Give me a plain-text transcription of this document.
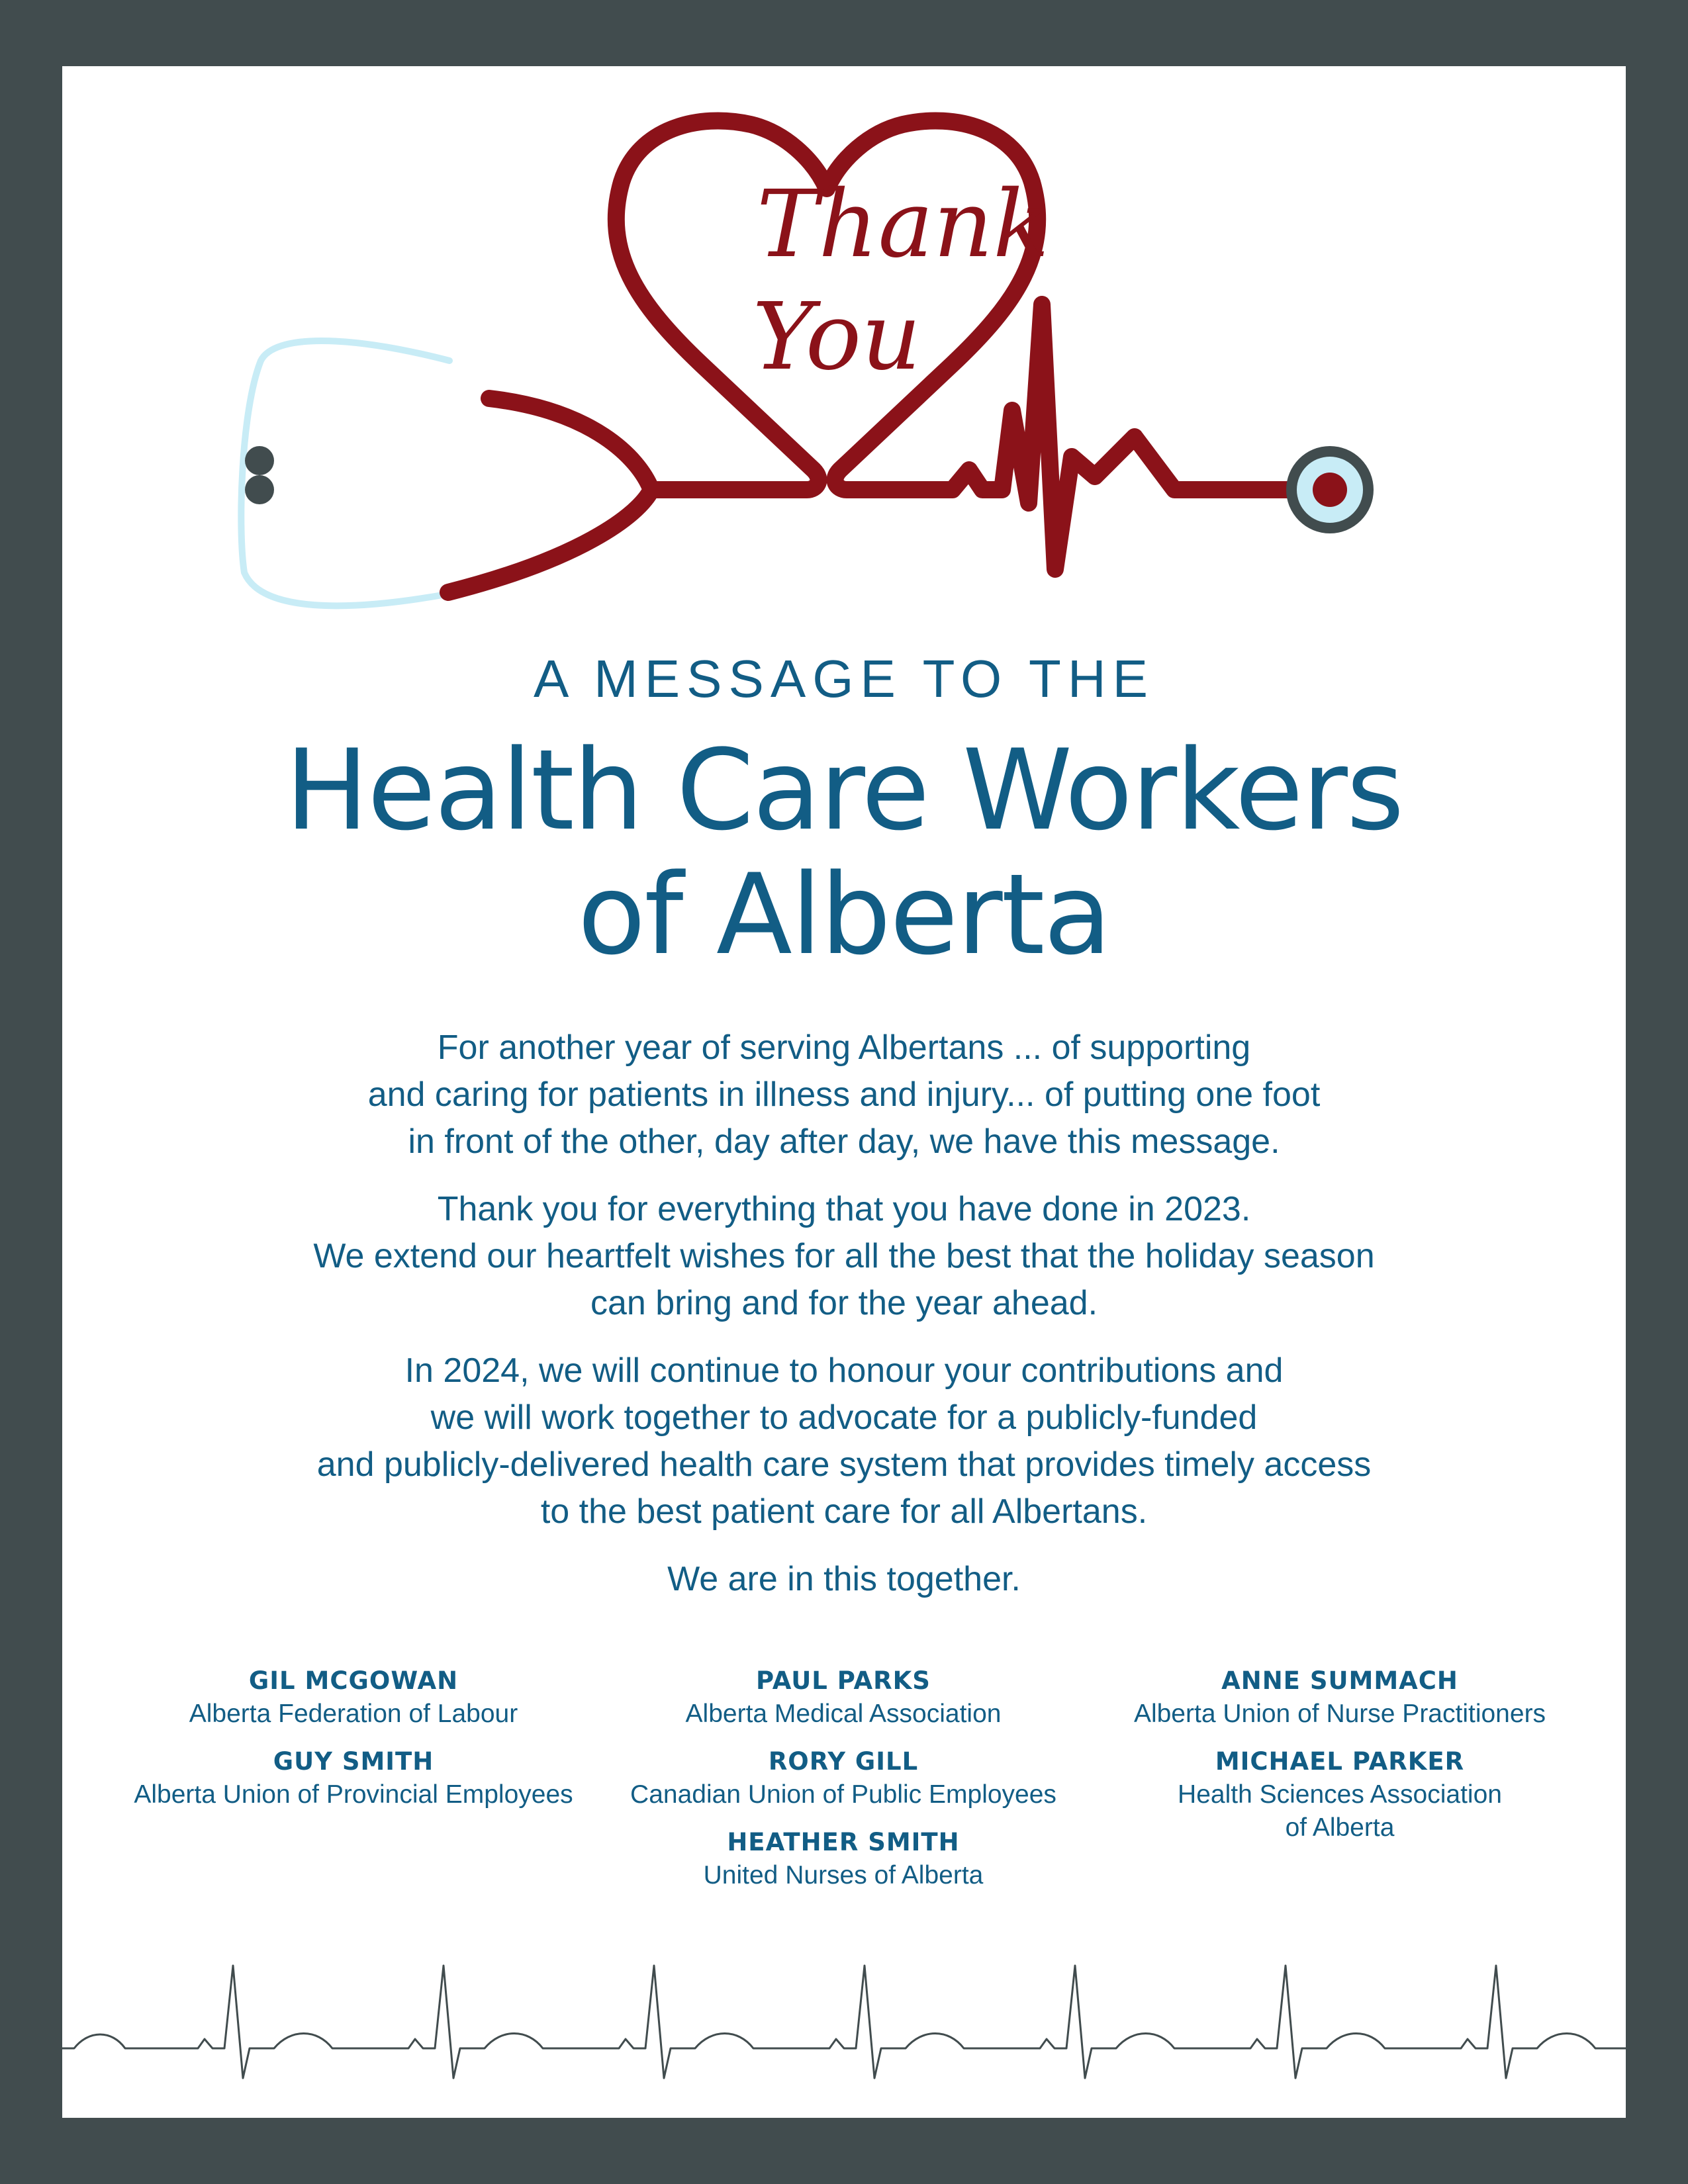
Thank
You
A MESSAGE TO THE
Health Care Workers
of Alberta

For another year of serving Albertans ... of supporting
and caring for patients in illness and injury... of putting one foot
in front of the other, day after day, we have this message.

Thank you for everything that you have done in 2023.
We extend our heartfelt wishes for all the best that the holiday season
can bring and for the year ahead.

In 2024, we will continue to honour your contributions and
we will work together to advocate for a publicly-funded
and publicly-delivered health care system that provides timely access
to the best patient care for all Albertans.

We are in this together.

GIL MCGOWAN
Alberta Federation of Labour
GUY SMITH
Alberta Union of Provincial Employees
PAUL PARKS
Alberta Medical Association
RORY GILL
Canadian Union of Public Employees
HEATHER SMITH
United Nurses of Alberta
ANNE SUMMACH
Alberta Union of Nurse Practitioners
MICHAEL PARKER
Health Sciences Association
of Alberta
